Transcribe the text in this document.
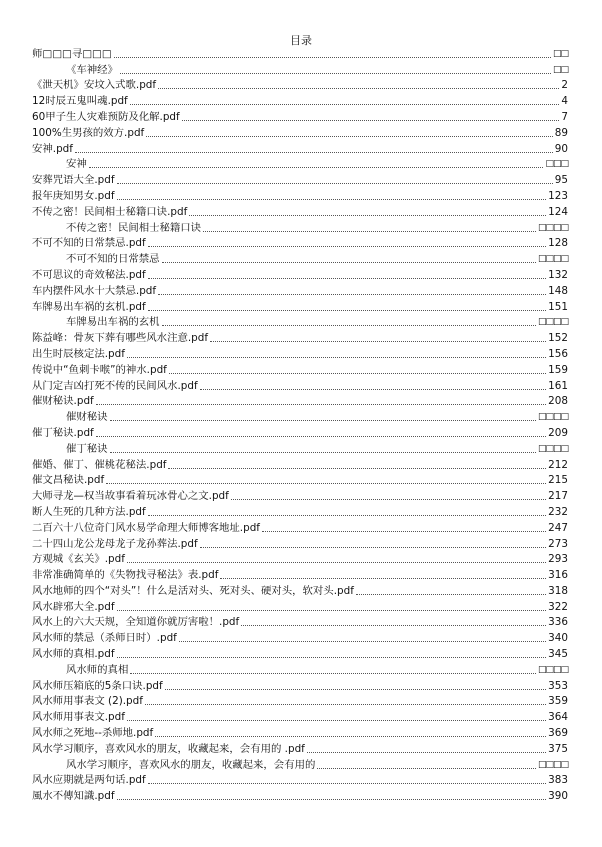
目录
师□□□寻□□□	□□
《车神经》	□□
《泄天机》安坟入式歌.pdf	2
12时辰五鬼叫魂.pdf	4
60甲子生人灾难预防及化解.pdf	7
100%生男孩的效方.pdf	89
安神.pdf	90
安神	□□□
安葬咒语大全.pdf	95
报年庚知男女.pdf	123
不传之密！民间相士秘籍口诀.pdf	124
不传之密！民间相士秘籍口诀	□□□□
不可不知的日常禁忌.pdf	128
不可不知的日常禁忌	□□□□
不可思议的奇效秘法.pdf	132
车内摆件风水十大禁忌.pdf	148
车牌易出车祸的玄机.pdf	151
车牌易出车祸的玄机	□□□□
陈益峰：骨灰下葬有哪些风水注意.pdf	152
出生时辰核定法.pdf	156
传说中“鱼刺卡喉”的神水.pdf	159
从门定吉凶打死不传的民间风水.pdf	161
催财秘诀.pdf	208
催财秘诀	□□□□
催丁秘诀.pdf	209
催丁秘诀	□□□□
催婚、催丁、催桃花秘法.pdf	212
催文昌秘诀.pdf	215
大师寻龙—权当故事看着玩冰骨心之文.pdf	217
断人生死的几种方法.pdf	232
二百六十八位奇门风水易学命理大师博客地址.pdf	247
二十四山龙公龙母龙子龙孙葬法.pdf	273
方观城《玄关》.pdf	293
非常准确简单的《失物找寻秘法》表.pdf	316
风水地师的四个“对头”！什么是活对头、死对头、硬对头，软对头.pdf	318
风水辟邪大全.pdf	322
风水上的六大天规，全知道你就厉害啦！.pdf	336
风水师的禁忌（杀师日时）.pdf	340
风水师的真相.pdf	345
风水师的真相	□□□□
风水师压箱底的5条口诀.pdf	353
风水师用事表文 (2).pdf	359
风水师用事表文.pdf	364
风水师之死地--杀师地.pdf	369
风水学习顺序，喜欢风水的朋友，收藏起来，会有用的 .pdf	375
风水学习顺序，喜欢风水的朋友，收藏起来，会有用的	□□□□
风水应期就是两句话.pdf	383
風水不傳知識.pdf	390
